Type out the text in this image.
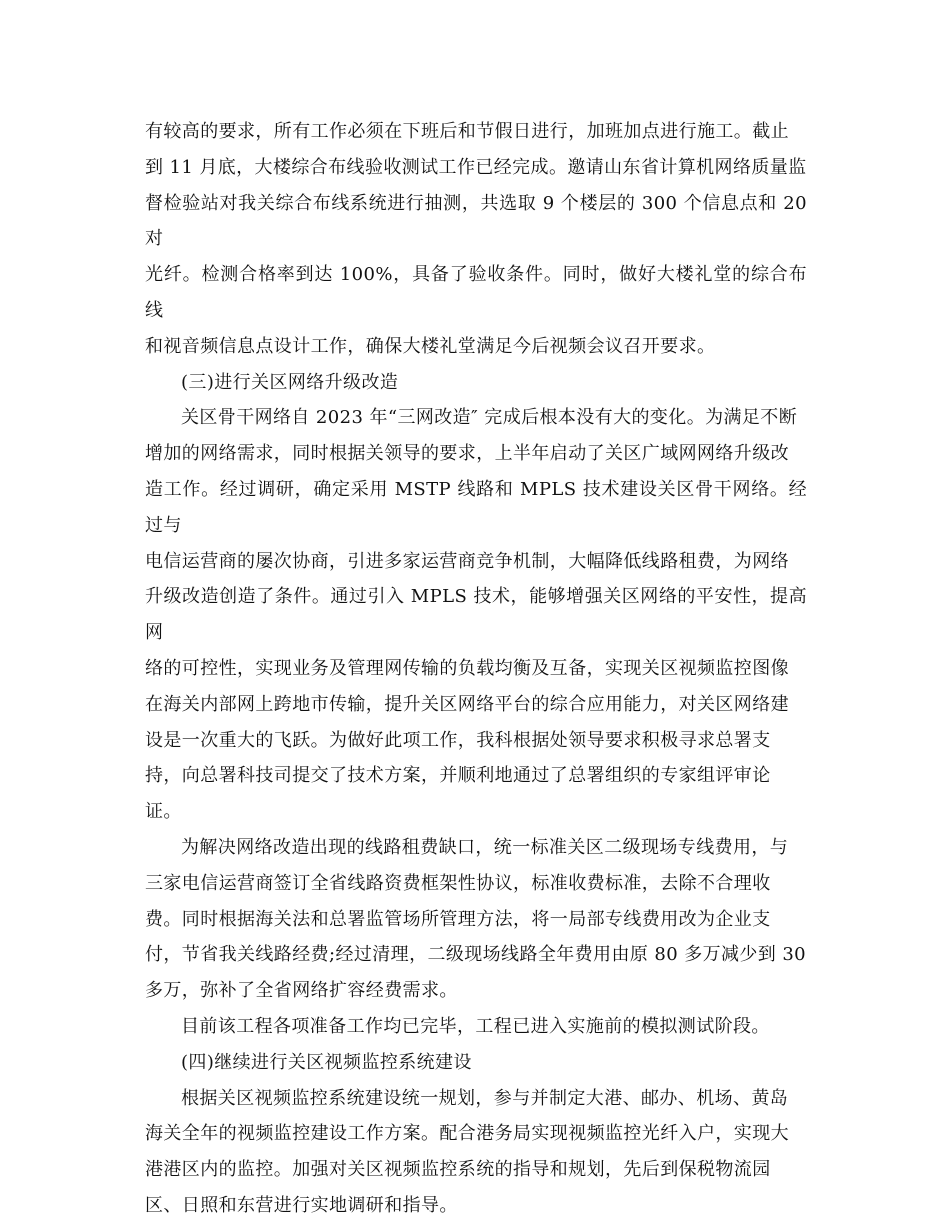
有较高的要求，所有工作必须在下班后和节假日进行，加班加点进行施工。截止
到 11 月底，大楼综合布线验收测试工作已经完成。邀请山东省计算机网络质量监
督检验站对我关综合布线系统进行抽测，共选取 9 个楼层的 300 个信息点和 20 对
光纤。检测合格率到达 100%，具备了验收条件。同时，做好大楼礼堂的综合布线
和视音频信息点设计工作，确保大楼礼堂满足今后视频会议召开要求。

(三)进行关区网络升级改造

关区骨干网络自 2023 年“三网改造″ 完成后根本没有大的变化。为满足不断
增加的网络需求，同时根据关领导的要求，上半年启动了关区广域网网络升级改
造工作。经过调研，确定采用 MSTP 线路和 MPLS 技术建设关区骨干网络。经过与
电信运营商的屡次协商，引进多家运营商竞争机制，大幅降低线路租费，为网络
升级改造创造了条件。通过引入 MPLS 技术，能够增强关区网络的平安性，提高网
络的可控性，实现业务及管理网传输的负载均衡及互备，实现关区视频监控图像
在海关内部网上跨地市传输，提升关区网络平台的综合应用能力，对关区网络建
设是一次重大的飞跃。为做好此项工作，我科根据处领导要求积极寻求总署支
持，向总署科技司提交了技术方案，并顺利地通过了总署组织的专家组评审论
证。

为解决网络改造出现的线路租费缺口，统一标准关区二级现场专线费用，与
三家电信运营商签订全省线路资费框架性协议，标准收费标准，去除不合理收
费。同时根据海关法和总署监管场所管理方法，将一局部专线费用改为企业支
付，节省我关线路经费;经过清理，二级现场线路全年费用由原 80 多万减少到 30
多万，弥补了全省网络扩容经费需求。

目前该工程各项准备工作均已完毕，工程已进入实施前的模拟测试阶段。

(四)继续进行关区视频监控系统建设

根据关区视频监控系统建设统一规划，参与并制定大港、邮办、机场、黄岛
海关全年的视频监控建设工作方案。配合港务局实现视频监控光纤入户，实现大
港港区内的监控。加强对关区视频监控系统的指导和规划，先后到保税物流园
区、日照和东营进行实地调研和指导。
